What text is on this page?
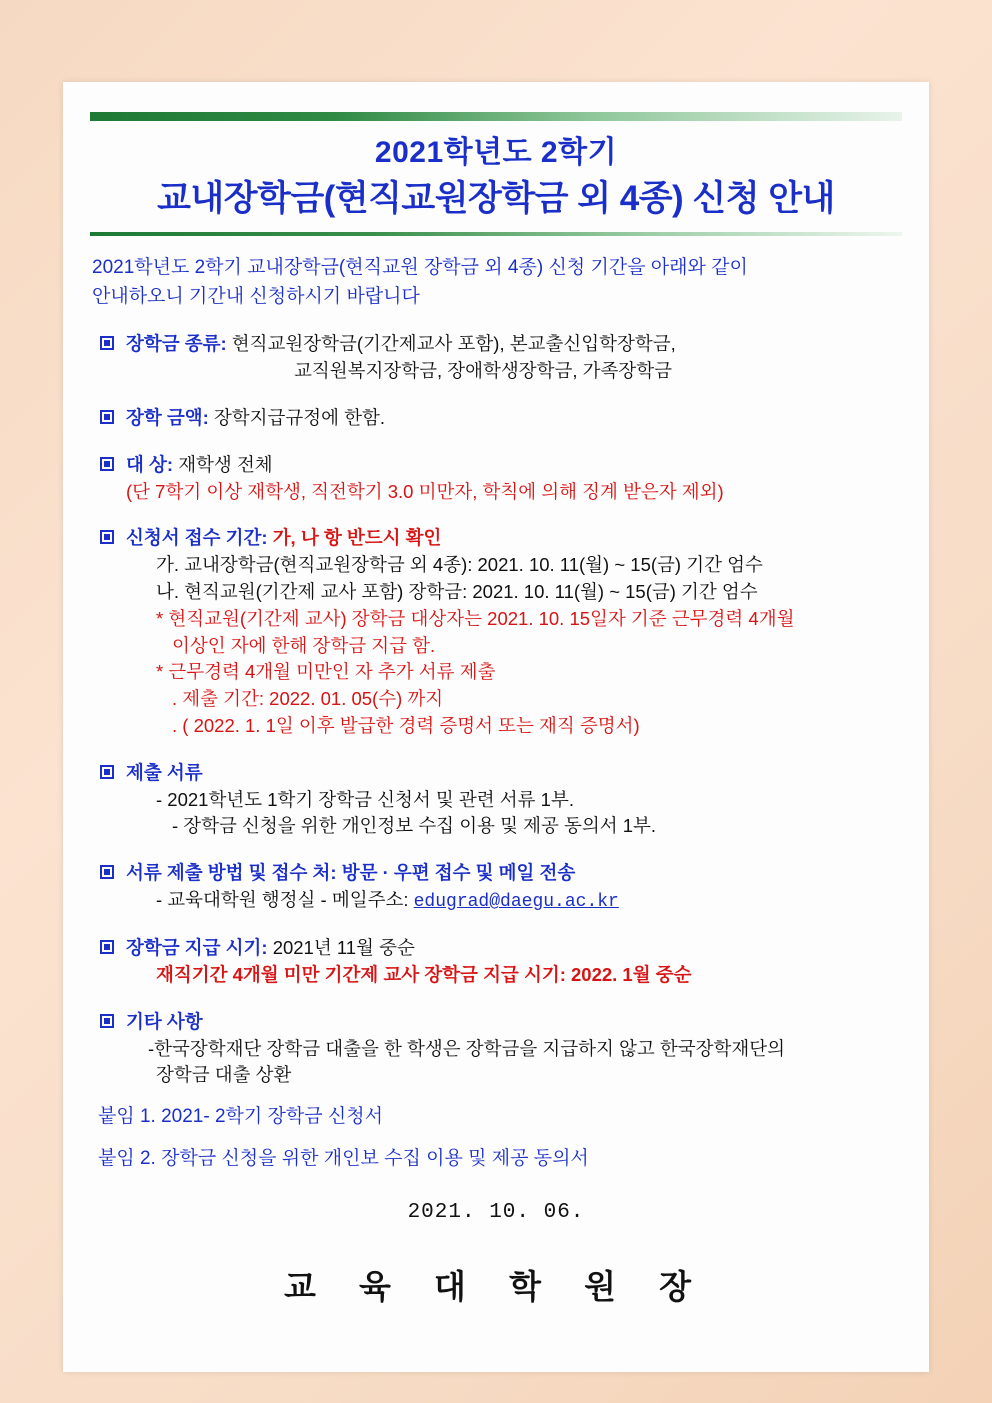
2021학년도 2학기
교내장학금(현직교원장학금 외 4종) 신청 안내
2021학년도 2학기 교내장학금(현직교원 장학금 외 4종) 신청 기간을 아래와 같이
안내하오니 기간내 신청하시기 바랍니다
장학금 종류: 현직교원장학금(기간제교사 포함), 본교출신입학장학금,
교직원복지장학금, 장애학생장학금, 가족장학금
장학 금액: 장학지급규정에 한함.
대 상: 재학생 전체
(단 7학기 이상 재학생, 직전학기 3.0 미만자, 학칙에 의해 징계 받은자 제외)
신청서 접수 기간: 가, 나 항 반드시 확인
가. 교내장학금(현직교원장학금 외 4종): 2021. 10. 11(월) ~ 15(금) 기간 엄수
나. 현직교원(기간제 교사 포함) 장학금: 2021. 10. 11(월) ~ 15(금) 기간 엄수
* 현직교원(기간제 교사) 장학금 대상자는 2021. 10. 15일자 기준 근무경력 4개월
이상인 자에 한해 장학금 지급 함.
* 근무경력 4개월 미만인 자 추가 서류 제출
. 제출 기간: 2022. 01. 05(수) 까지
. ( 2022. 1. 1일 이후 발급한 경력 증명서 또는 재직 증명서)
제출 서류
- 2021학년도 1학기 장학금 신청서 및 관련 서류 1부.
- 장학금 신청을 위한 개인정보 수집 이용 및 제공 동의서 1부.
서류 제출 방법 및 접수 처: 방문 · 우편 접수 및 메일 전송
- 교육대학원 행정실 - 메일주소: edugrad@daegu.ac.kr
장학금 지급 시기: 2021년 11월 중순
재직기간 4개월 미만 기간제 교사 장학금 지급 시기: 2022. 1월 중순
기타 사항
-한국장학재단 장학금 대출을 한 학생은 장학금을 지급하지 않고 한국장학재단의
장학금 대출 상환
붙임 1. 2021- 2학기 장학금 신청서
붙임 2. 장학금 신청을 위한 개인보 수집 이용 및 제공 동의서
2021. 10. 06.
교 육 대 학 원 장
